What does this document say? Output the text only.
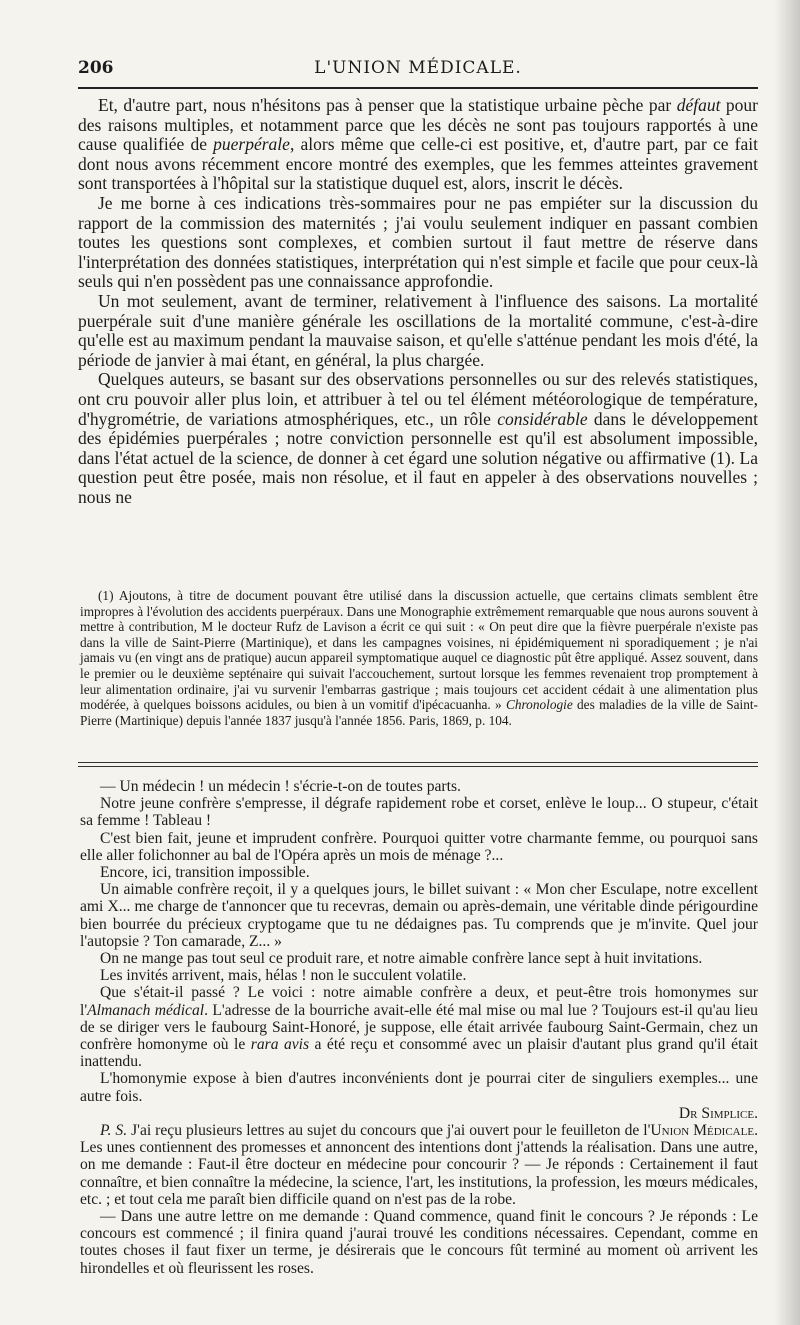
206	L'UNION MÉDICALE.

Et, d'autre part, nous n'hésitons pas à penser que la statistique urbaine pèche par défaut pour des raisons multiples, et notamment parce que les décès ne sont pas toujours rapportés à une cause qualifiée de puerpérale, alors même que celle-ci est positive, et, d'autre part, par ce fait dont nous avons récemment encore montré des exemples, que les femmes atteintes gravement sont transportées à l'hôpital sur la statistique duquel est, alors, inscrit le décès.

Je me borne à ces indications très-sommaires pour ne pas empiéter sur la discussion du rapport de la commission des maternités ; j'ai voulu seulement indiquer en passant combien toutes les questions sont complexes, et combien surtout il faut mettre de réserve dans l'interprétation des données statistiques, interprétation qui n'est simple et facile que pour ceux-là seuls qui n'en possèdent pas une connaissance approfondie.

Un mot seulement, avant de terminer, relativement à l'influence des saisons. La mortalité puerpérale suit d'une manière générale les oscillations de la mortalité commune, c'est-à-dire qu'elle est au maximum pendant la mauvaise saison, et qu'elle s'atténue pendant les mois d'été, la période de janvier à mai étant, en général, la plus chargée.

Quelques auteurs, se basant sur des observations personnelles ou sur des relevés statistiques, ont cru pouvoir aller plus loin, et attribuer à tel ou tel élément météorologique de température, d'hygrométrie, de variations atmosphériques, etc., un rôle considérable dans le développement des épidémies puerpérales ; notre conviction personnelle est qu'il est absolument impossible, dans l'état actuel de la science, de donner à cet égard une solution négative ou affirmative (1). La question peut être posée, mais non résolue, et il faut en appeler à des observations nouvelles ; nous ne

(1) Ajoutons, à titre de document pouvant être utilisé dans la discussion actuelle, que certains climats semblent être impropres à l'évolution des accidents puerpéraux. Dans une Monographie extrêmement remarquable que nous aurons souvent à mettre à contribution, M le docteur Rufz de Lavison a écrit ce qui suit : « On peut dire que la fièvre puerpérale n'existe pas dans la ville de Saint-Pierre (Martinique), et dans les campagnes voisines, ni épidémiquement ni sporadiquement ; je n'ai jamais vu (en vingt ans de pratique) aucun appareil symptomatique auquel ce diagnostic pût être appliqué. Assez souvent, dans le premier ou le deuxième septénaire qui suivait l'accouchement, surtout lorsque les femmes revenaient trop promptement à leur alimentation ordinaire, j'ai vu survenir l'embarras gastrique ; mais toujours cet accident cédait à une alimentation plus modérée, à quelques boissons acidules, ou bien à un vomitif d'ipécacuanha. » Chronologie des maladies de la ville de Saint-Pierre (Martinique) depuis l'année 1837 jusqu'à l'année 1856. Paris, 1869, p. 104.

— Un médecin ! un médecin ! s'écrie-t-on de toutes parts.

Notre jeune confrère s'empresse, il dégrafe rapidement robe et corset, enlève le loup... O stupeur, c'était sa femme ! Tableau !

C'est bien fait, jeune et imprudent confrère. Pourquoi quitter votre charmante femme, ou pourquoi sans elle aller folichonner au bal de l'Opéra après un mois de ménage ?...

Encore, ici, transition impossible.

Un aimable confrère reçoit, il y a quelques jours, le billet suivant : « Mon cher Esculape, notre excellent ami X... me charge de t'annoncer que tu recevras, demain ou après-demain, une véritable dinde périgourdine bien bourrée du précieux cryptogame que tu ne dédaignes pas. Tu comprends que je m'invite. Quel jour l'autopsie ? Ton camarade, Z... »

On ne mange pas tout seul ce produit rare, et notre aimable confrère lance sept à huit invitations.

Les invités arrivent, mais, hélas ! non le succulent volatile.

Que s'était-il passé ? Le voici : notre aimable confrère a deux, et peut-être trois homonymes sur l'Almanach médical. L'adresse de la bourriche avait-elle été mal mise ou mal lue ? Toujours est-il qu'au lieu de se diriger vers le faubourg Saint-Honoré, je suppose, elle était arrivée faubourg Saint-Germain, chez un confrère homonyme où le rara avis a été reçu et consommé avec un plaisir d'autant plus grand qu'il était inattendu.

L'homonymie expose à bien d'autres inconvénients dont je pourrai citer de singuliers exemples... une autre fois.

Dr Simplice.

P. S. J'ai reçu plusieurs lettres au sujet du concours que j'ai ouvert pour le feuilleton de l'Union Médicale. Les unes contiennent des promesses et annoncent des intentions dont j'attends la réalisation. Dans une autre, on me demande : Faut-il être docteur en médecine pour concourir ? — Je réponds : Certainement il faut connaître, et bien connaître la médecine, la science, l'art, les institutions, la profession, les mœurs médicales, etc. ; et tout cela me paraît bien difficile quand on n'est pas de la robe.

— Dans une autre lettre on me demande : Quand commence, quand finit le concours ? Je réponds : Le concours est commencé ; il finira quand j'aurai trouvé les conditions nécessaires. Cependant, comme en toutes choses il faut fixer un terme, je désirerais que le concours fût terminé au moment où arrivent les hirondelles et où fleurissent les roses.
